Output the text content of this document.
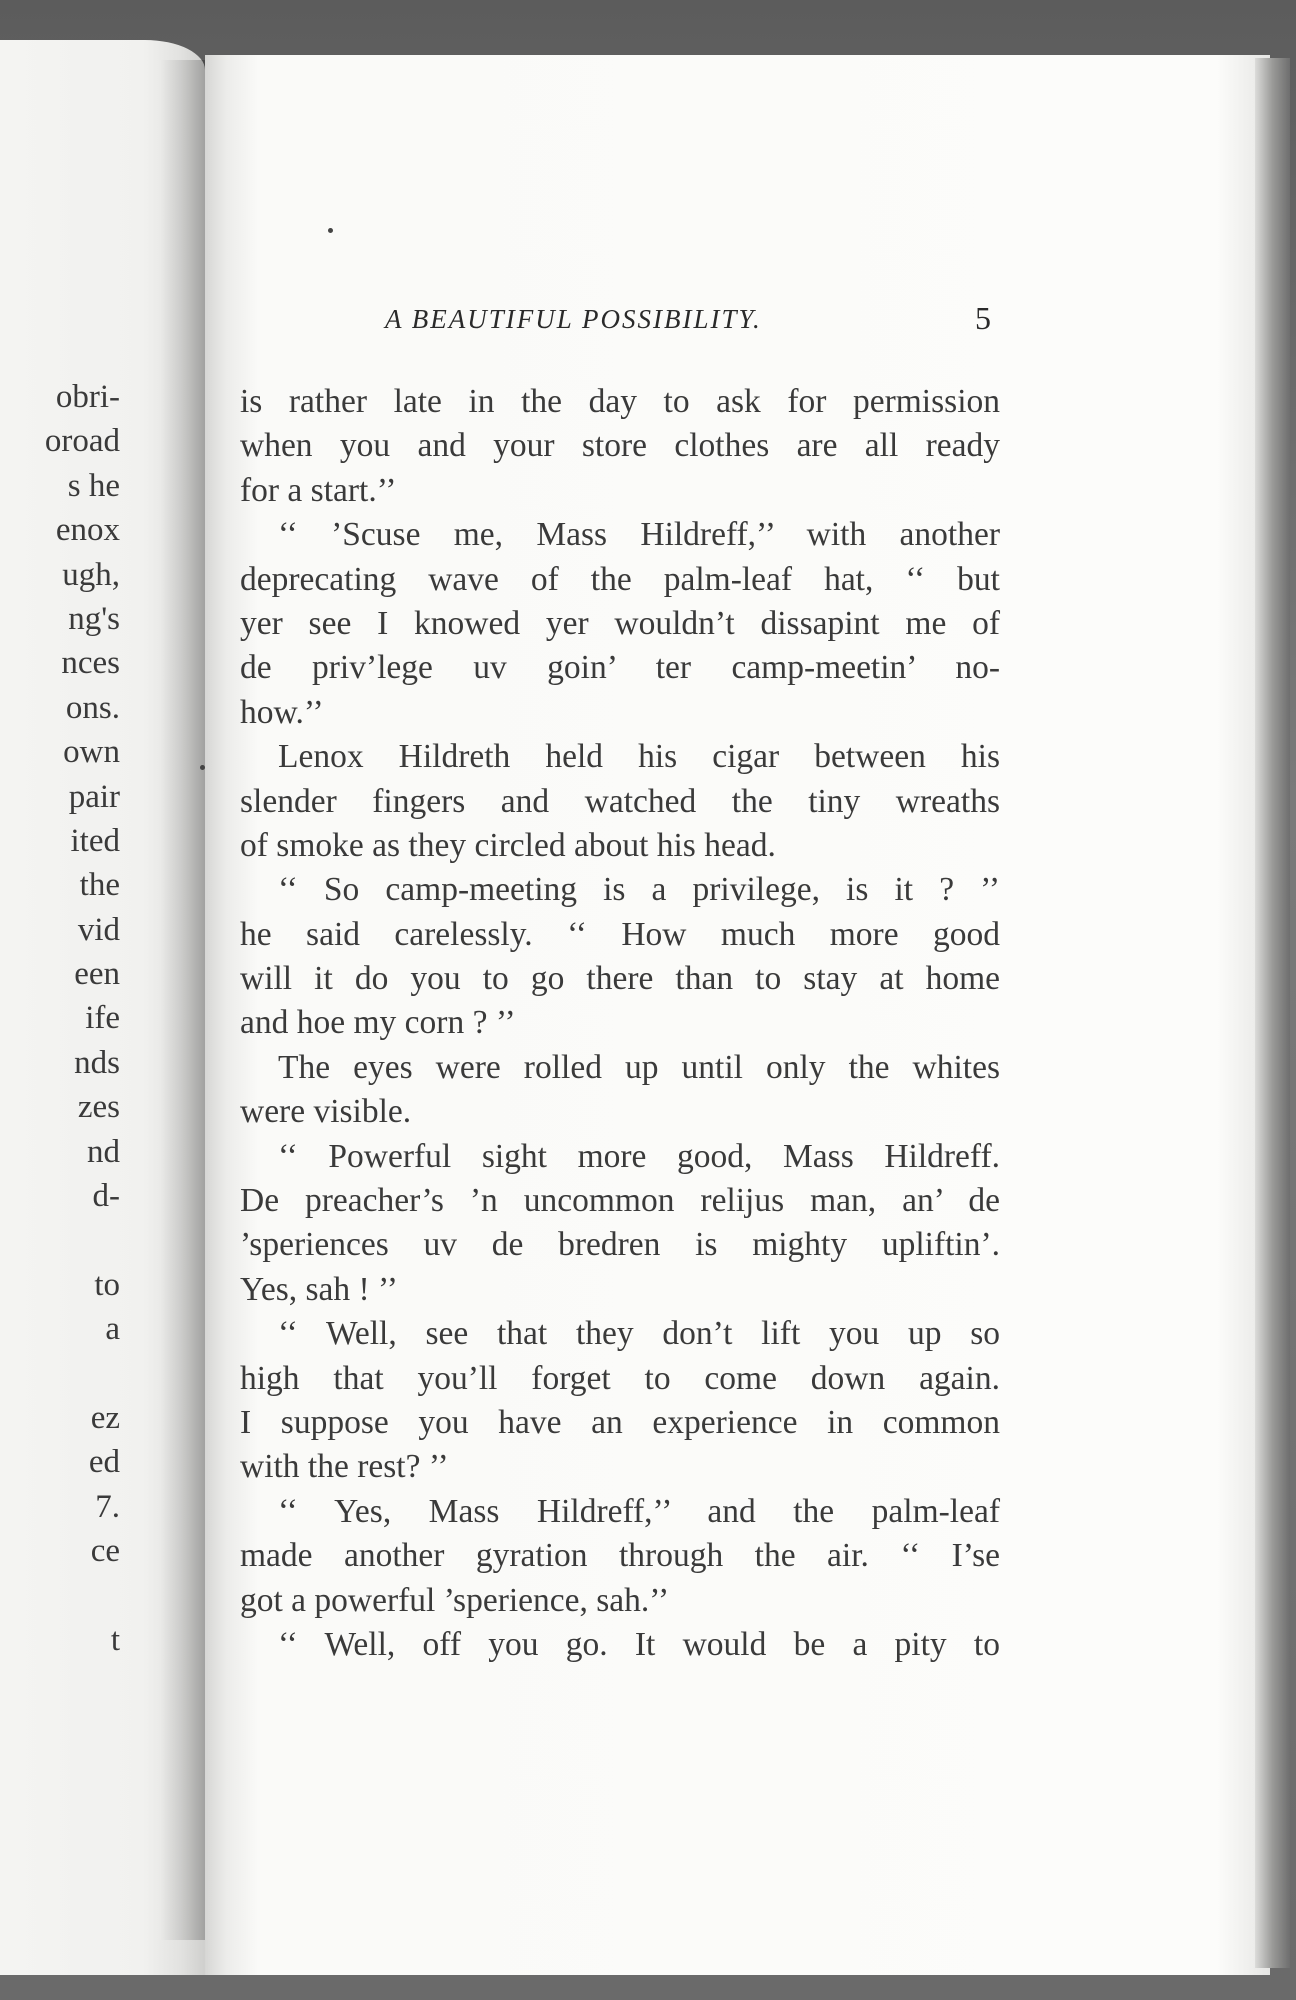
obri-
oroad
s he
enox
ugh,
ng's
nces
ons.
own
pair
ited
the
vid
een
ife
nds
zes
nd
d-
to
a
ez
ed
7.
ce
t
A BEAUTIFUL POSSIBILITY.	5
is rather late in the day to ask for permission
when you and your store clothes are all ready
for a start.’’
‘‘ ’Scuse me, Mass Hildreff,’’ with another
deprecating wave of the palm-leaf hat, ‘‘ but
yer see I knowed yer wouldn’t dissapint me of
de priv’lege uv goin’ ter camp-meetin’ no-
how.’’
Lenox Hildreth held his cigar between his
slender fingers and watched the tiny wreaths
of smoke as they circled about his head.
‘‘ So camp-meeting is a privilege, is it ? ’’
he said carelessly. ‘‘ How much more good
will it do you to go there than to stay at home
and hoe my corn ? ’’
The eyes were rolled up until only the whites
were visible.
‘‘ Powerful sight more good, Mass Hildreff.
De preacher’s ’n uncommon relijus man, an’ de
’speriences uv de bredren is mighty upliftin’.
Yes, sah ! ’’
‘‘ Well, see that they don’t lift you up so
high that you’ll forget to come down again.
I suppose you have an experience in common
with the rest? ’’
‘‘ Yes, Mass Hildreff,’’ and the palm-leaf
made another gyration through the air. ‘‘ I’se
got a powerful ’sperience, sah.’’
‘‘ Well, off you go. It would be a pity to
